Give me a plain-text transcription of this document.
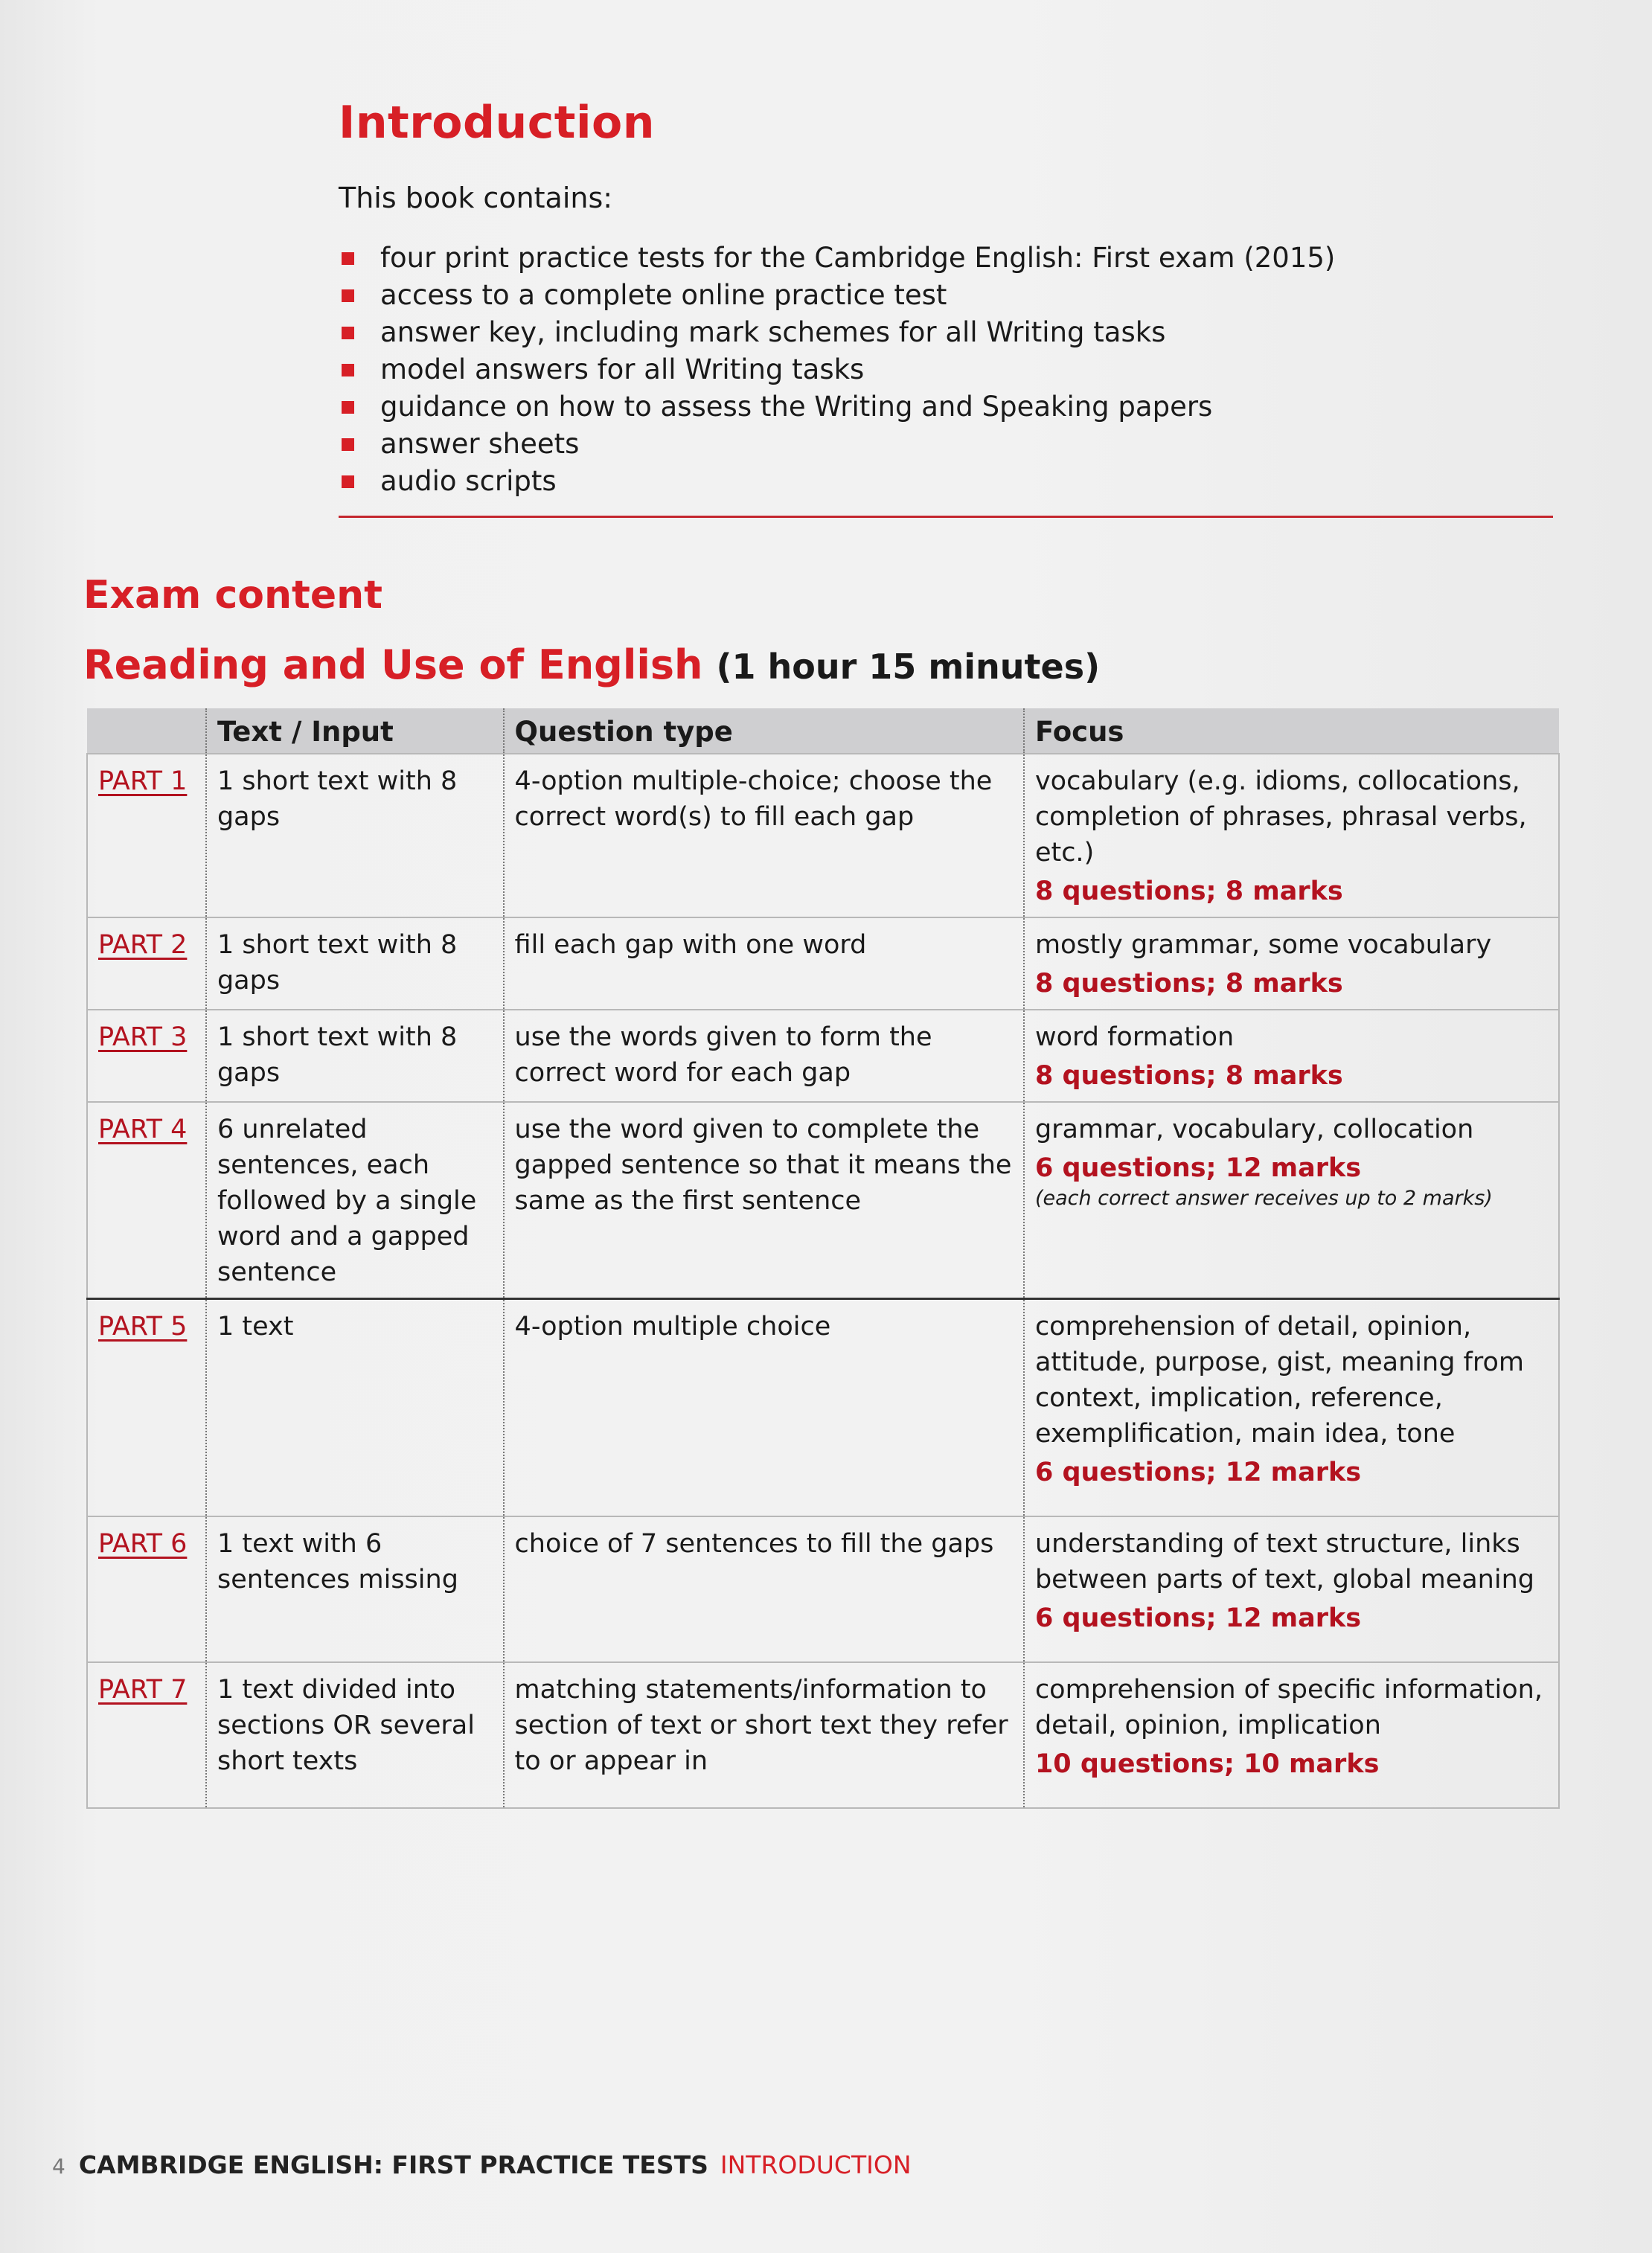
Introduction

This book contains:

four print practice tests for the Cambridge English: First exam (2015)
access to a complete online practice test
answer key, including mark schemes for all Writing tasks
model answers for all Writing tasks
guidance on how to assess the Writing and Speaking papers
answer sheets
audio scripts
Exam content
Reading and Use of English (1 hour 15 minutes)
	Text / Input	Question type	Focus
PART 1	1 short text with 8 gaps	4-option multiple-choice; choose the correct word(s) to fill each gap	vocabulary (e.g. idioms, collocations, completion of phrases, phrasal verbs, etc.)
8 questions; 8 marks

PART 2	1 short text with 8 gaps	fill each gap with one word	mostly grammar, some vocabulary
8 questions; 8 marks

PART 3	1 short text with 8 gaps	use the words given to form the correct word for each gap	word formation
8 questions; 8 marks

PART 4	6 unrelated sentences, each followed by a single word and a gapped sentence	use the word given to complete the gapped sentence so that it means the same as the first sentence	grammar, vocabulary, collocation
6 questions; 12 marks
(each correct answer receives up to 2 marks)

PART 5	1 text	4-option multiple choice	comprehension of detail, opinion, attitude, purpose, gist, meaning from context, implication, reference, exemplification, main idea, tone
6 questions; 12 marks

PART 6	1 text with 6 sentences missing	choice of 7 sentences to fill the gaps	understanding of text structure, links between parts of text, global meaning
6 questions; 12 marks

PART 7	1 text divided into sections OR several short texts	matching statements/information to section of text or short text they refer to or appear in	comprehension of specific information, detail, opinion, implication
10 questions; 10 marks
4 CAMBRIDGE ENGLISH: FIRST PRACTICE TESTS INTRODUCTION
